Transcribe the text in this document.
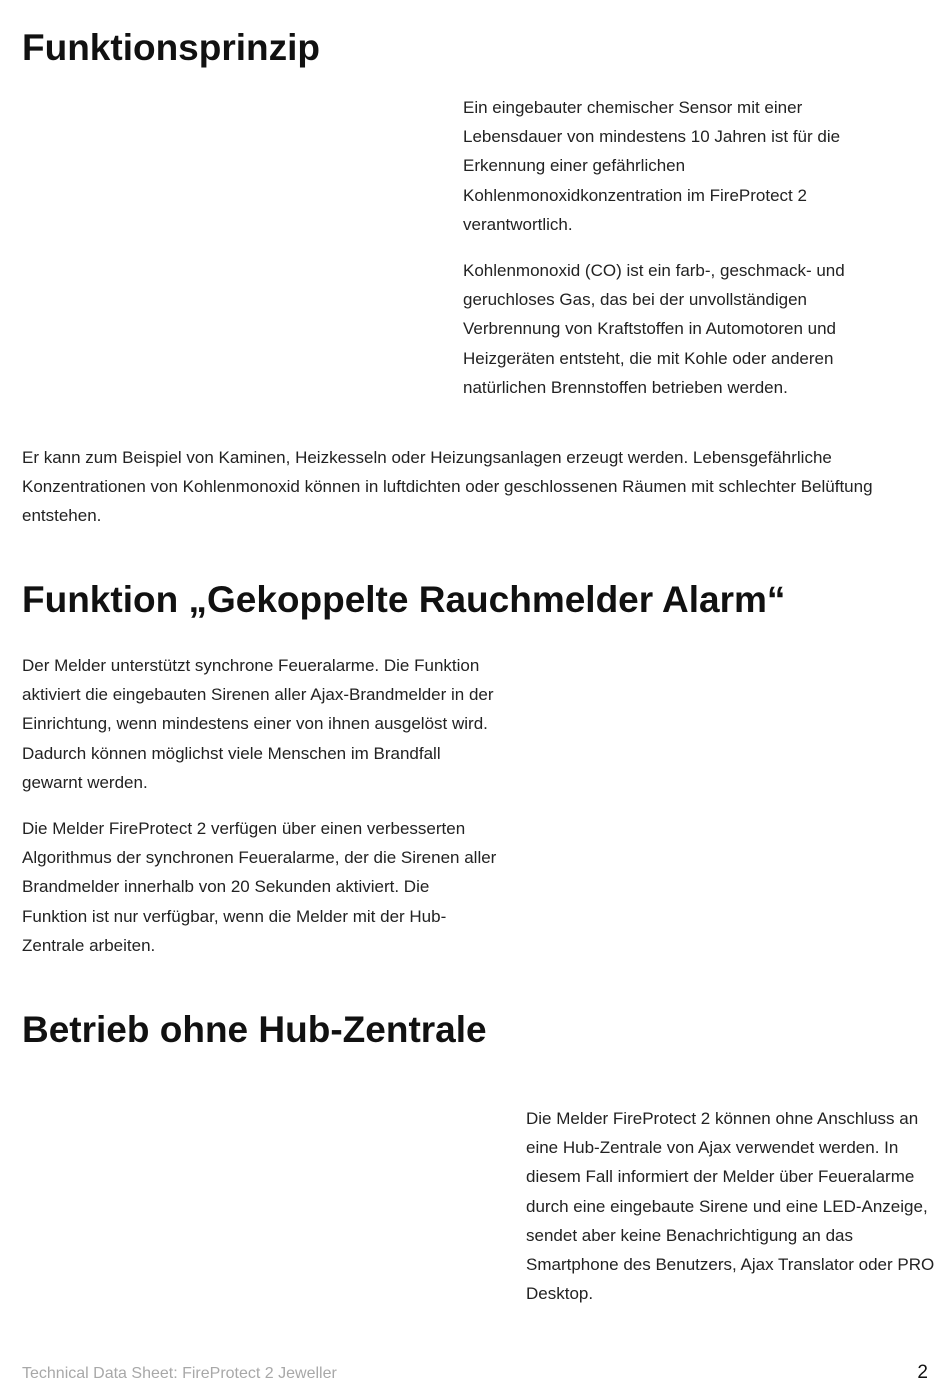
Funktionsprinzip

Ein eingebauter chemischer Sensor mit einer Lebensdauer von mindestens 10 Jahren ist für die Erkennung einer gefährlichen Kohlenmonoxidkonzentration im FireProtect 2 verantwortlich.

Kohlenmonoxid (CO) ist ein farb-, geschmack- und geruchloses Gas, das bei der unvollständigen Verbrennung von Kraftstoffen in Automotoren und Heizgeräten entsteht, die mit Kohle oder anderen natürlichen Brennstoffen betrieben werden.

Er kann zum Beispiel von Kaminen, Heizkesseln oder Heizungsanlagen erzeugt werden. Lebensgefährliche Konzentrationen von Kohlenmonoxid können in luftdichten oder geschlossenen Räumen mit schlechter Belüftung entstehen.

Funktion „Gekoppelte Rauchmelder Alarm“

Der Melder unterstützt synchrone Feueralarme. Die Funktion aktiviert die eingebauten Sirenen aller Ajax-Brandmelder in der Einrichtung, wenn mindestens einer von ihnen ausgelöst wird. Dadurch können möglichst viele Menschen im Brandfall gewarnt werden.

Die Melder FireProtect 2 verfügen über einen verbesserten Algorithmus der synchronen Feueralarme, der die Sirenen aller Brandmelder innerhalb von 20 Sekunden aktiviert. Die Funktion ist nur verfügbar, wenn die Melder mit der Hub-Zentrale arbeiten.

Betrieb ohne Hub-Zentrale

Die Melder FireProtect 2 können ohne Anschluss an eine Hub-Zentrale von Ajax verwendet werden. In diesem Fall informiert der Melder über Feueralarme durch eine eingebaute Sirene und eine LED-Anzeige, sendet aber keine Benachrichtigung an das Smartphone des Benutzers, Ajax Translator oder PRO Desktop.

Technical Data Sheet: FireProtect 2 Jeweller	2
